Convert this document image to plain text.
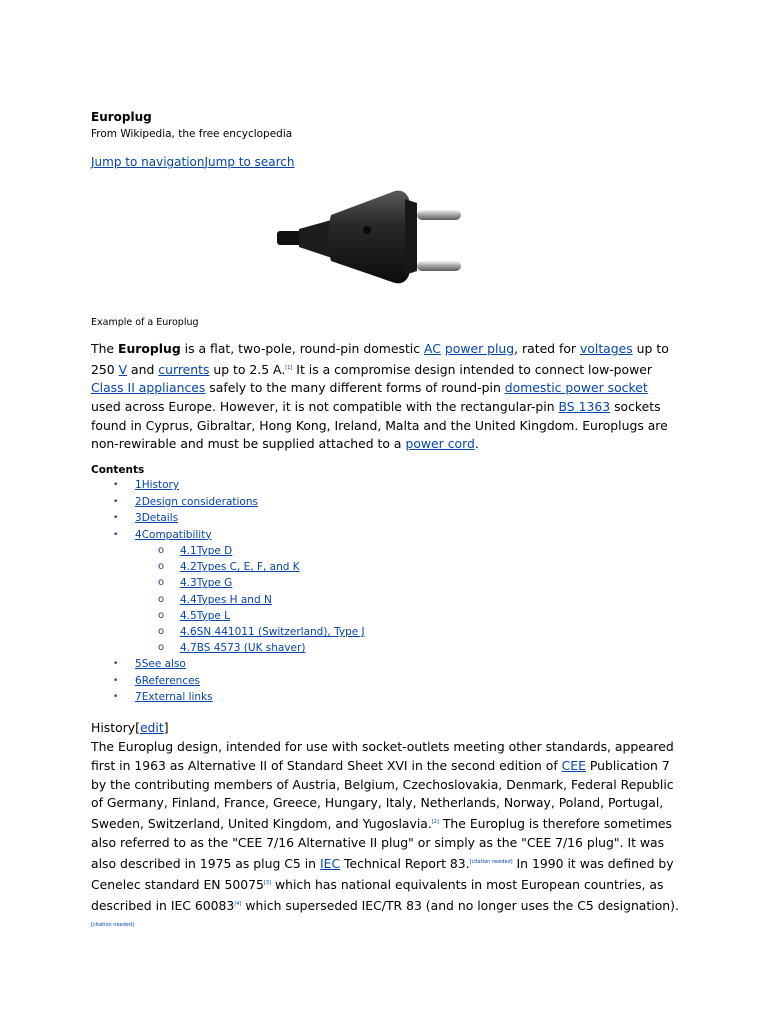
Europlug
From Wikipedia, the free encyclopedia
Jump to navigationJump to search
Example of a Europlug
The Europlug is a flat, two-pole, round-pin domestic AC power plug, rated for voltages up to 250 V and currents up to 2.5 A.[1] It is a compromise design intended to connect low-power Class II appliances safely to the many different forms of round-pin domestic power socket used across Europe. However, it is not compatible with the rectangular-pin BS 1363 sockets found in Cyprus, Gibraltar, Hong Kong, Ireland, Malta and the United Kingdom. Europlugs are non-rewirable and must be supplied attached to a power cord.
Contents
• 1History
• 2Design considerations
• 3Details
• 4Compatibility
o 4.1Type D
o 4.2Types C, E, F, and K
o 4.3Type G
o 4.4Types H and N
o 4.5Type L
o 4.6SN 441011 (Switzerland), Type J
o 4.7BS 4573 (UK shaver)
• 5See also
• 6References
• 7External links
History[edit]
The Europlug design, intended for use with socket-outlets meeting other standards, appeared first in 1963 as Alternative II of Standard Sheet XVI in the second edition of CEE Publication 7 by the contributing members of Austria, Belgium, Czechoslovakia, Denmark, Federal Republic of Germany, Finland, France, Greece, Hungary, Italy, Netherlands, Norway, Poland, Portugal, Sweden, Switzerland, United Kingdom, and Yugoslavia.[2] The Europlug is therefore sometimes also referred to as the "CEE 7/16 Alternative II plug" or simply as the "CEE 7/16 plug". It was also described in 1975 as plug C5 in IEC Technical Report 83.[citation needed] In 1990 it was defined by Cenelec standard EN 50075[3] which has national equivalents in most European countries, as described in IEC 60083[4] which superseded IEC/TR 83 (and no longer uses the C5 designation).[citation needed]
